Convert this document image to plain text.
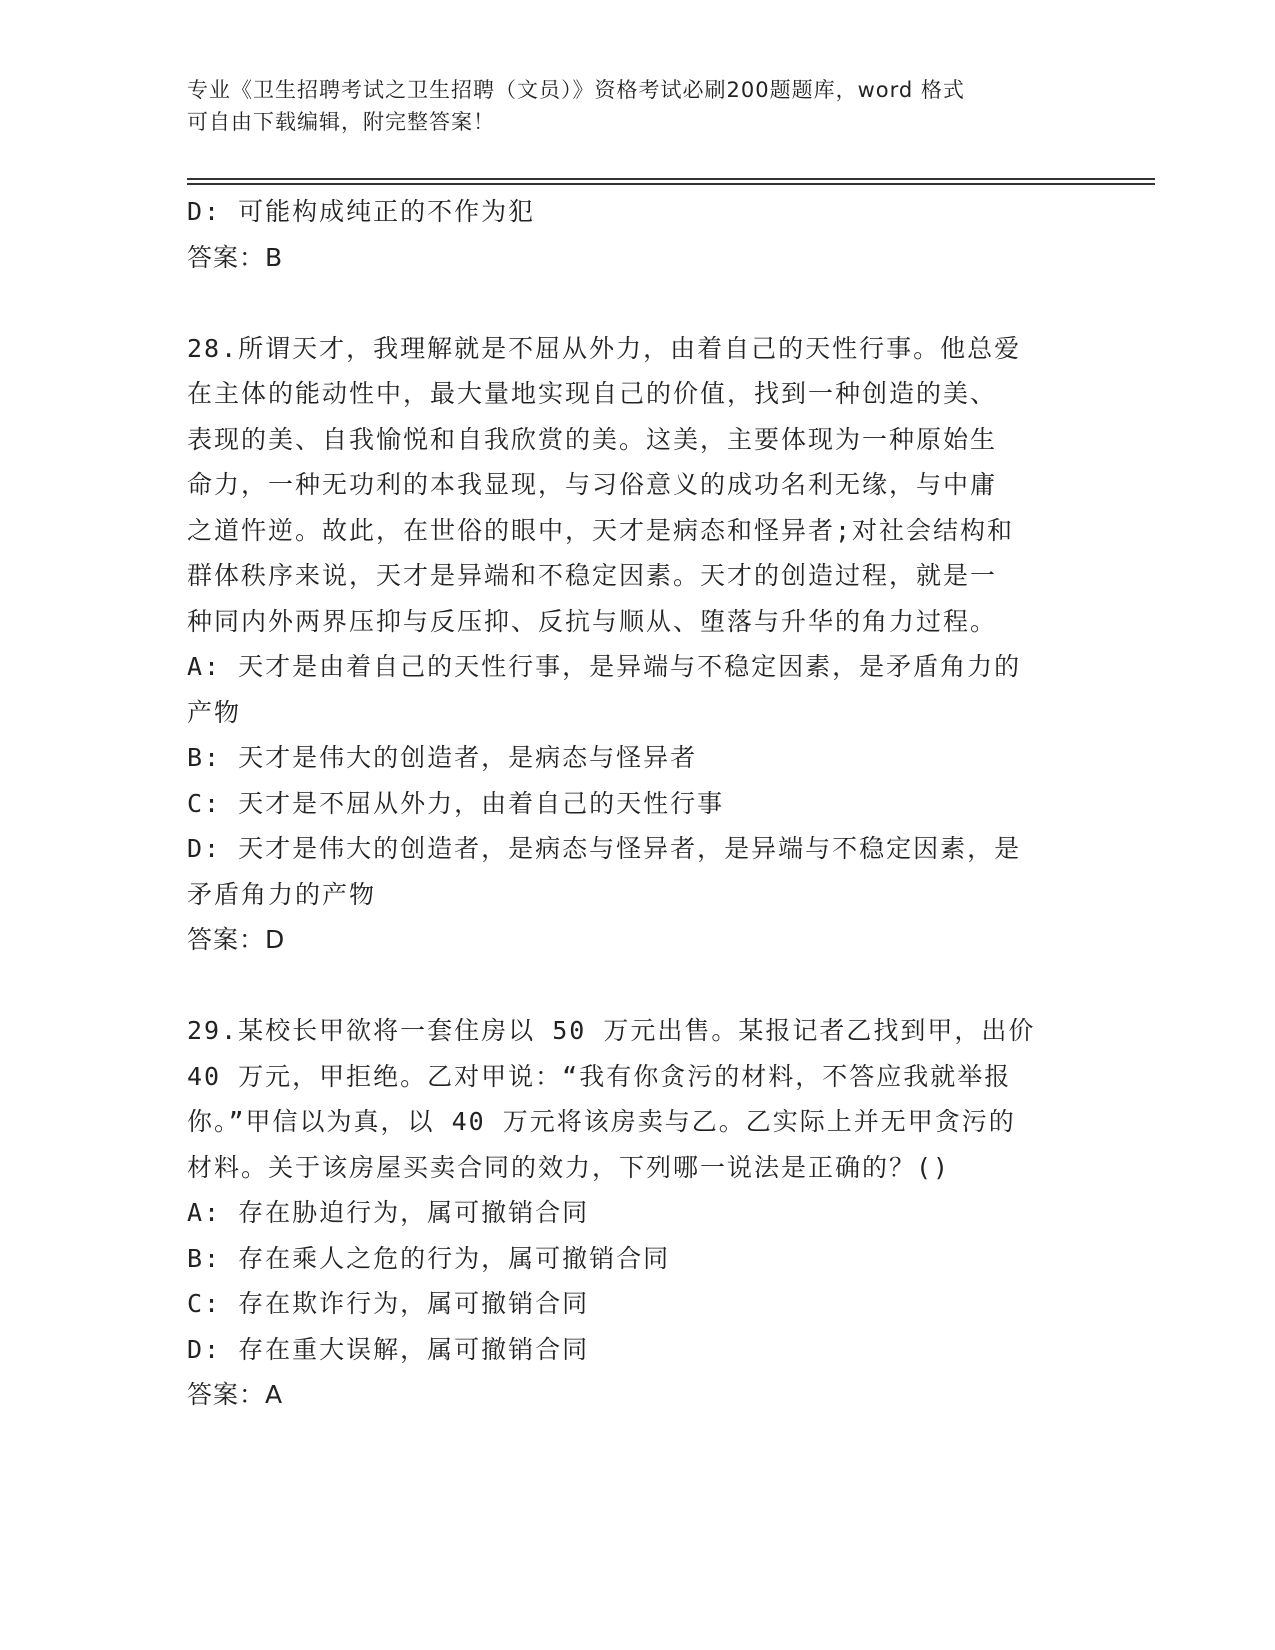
专业《卫生招聘考试之卫生招聘（文员）》资格考试必刷200题题库，word 格式
可自由下载编辑，附完整答案！

D: 可能构成纯正的不作为犯

答案：B

28.所谓天才，我理解就是不屈从外力，由着自己的天性行事。他总爱

在主体的能动性中，最大量地实现自己的价值，找到一种创造的美、

表现的美、自我愉悦和自我欣赏的美。这美，主要体现为一种原始生

命力，一种无功利的本我显现，与习俗意义的成功名利无缘，与中庸

之道忤逆。故此，在世俗的眼中，天才是病态和怪异者;对社会结构和

群体秩序来说，天才是异端和不稳定因素。天才的创造过程，就是一

种同内外两界压抑与反压抑、反抗与顺从、堕落与升华的角力过程。

A: 天才是由着自己的天性行事，是异端与不稳定因素，是矛盾角力的

产物

B: 天才是伟大的创造者，是病态与怪异者

C: 天才是不屈从外力，由着自己的天性行事

D: 天才是伟大的创造者，是病态与怪异者，是异端与不稳定因素，是

矛盾角力的产物

答案：D

29.某校长甲欲将一套住房以 50 万元出售。某报记者乙找到甲，出价

40 万元，甲拒绝。乙对甲说：“我有你贪污的材料，不答应我就举报

你。”甲信以为真，以 40 万元将该房卖与乙。乙实际上并无甲贪污的

材料。关于该房屋买卖合同的效力，下列哪一说法是正确的？()

A: 存在胁迫行为，属可撤销合同

B: 存在乘人之危的行为，属可撤销合同

C: 存在欺诈行为，属可撤销合同

D: 存在重大误解，属可撤销合同

答案：A
